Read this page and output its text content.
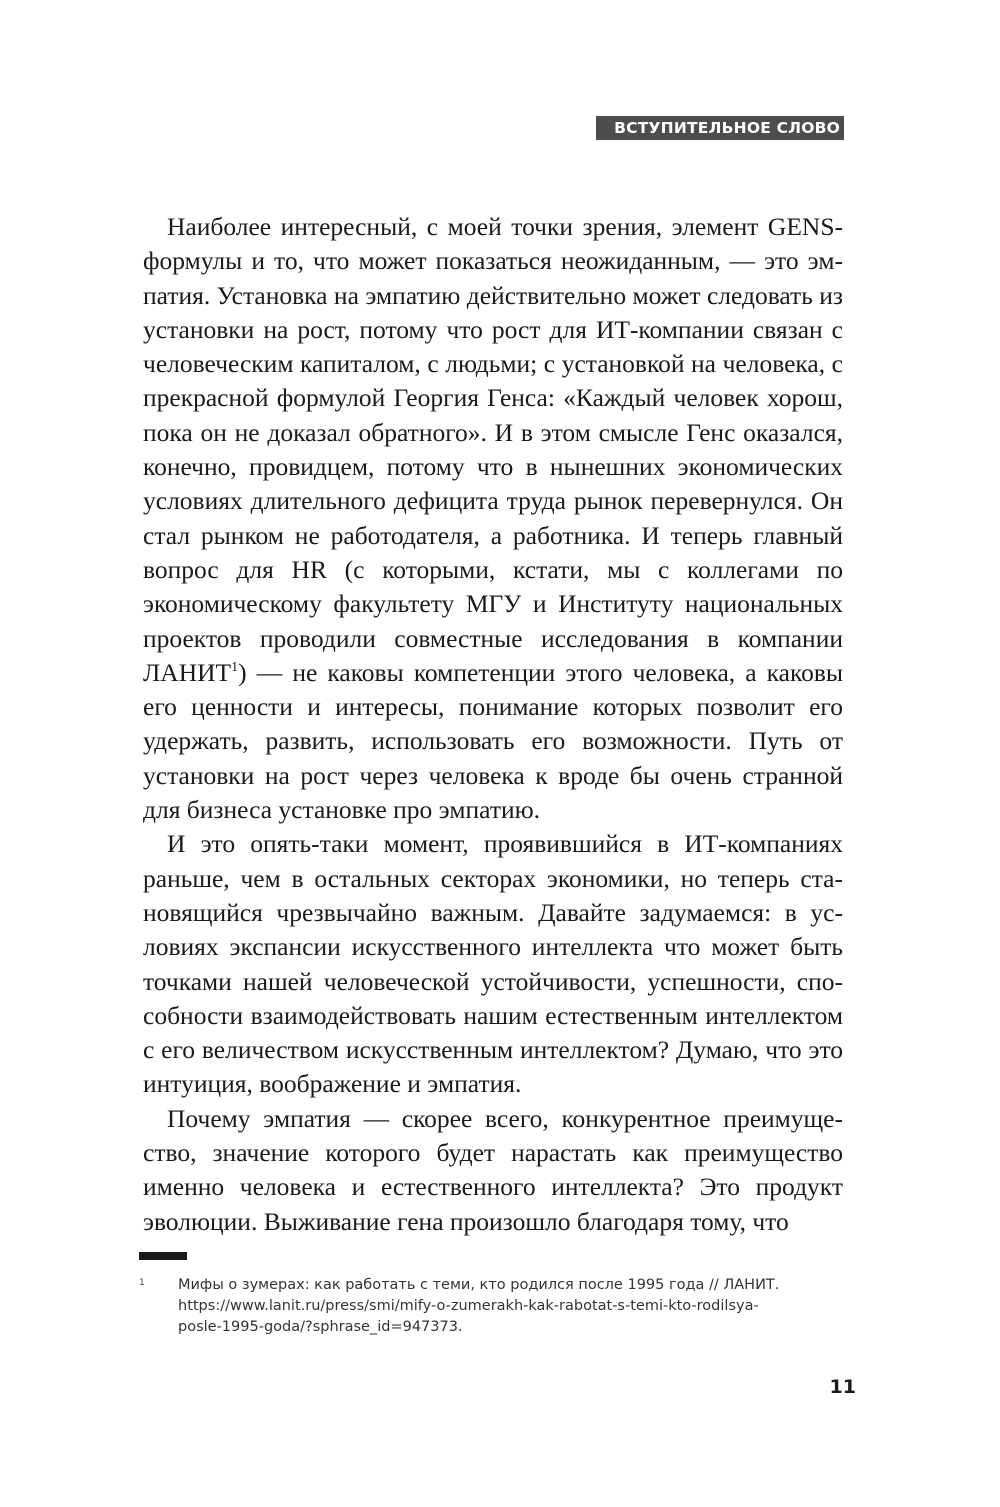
ВСТУПИТЕЛЬНОЕ СЛОВО

Наиболее интересный, с моей точки зрения, элемент GENS-формулы и то, что может показаться неожиданным, — это эмпатия. Установка на эмпатию действительно может следовать из установки на рост, потому что рост для ИТ-компании связан с человеческим капиталом, с людьми; с установкой на человека, с прекрасной формулой Георгия Генса: «Каждый человек хорош, пока он не доказал обратного». И в этом смысле Генс оказался, конечно, провидцем, потому что в нынешних экономических условиях длительного дефицита труда рынок перевернулся. Он стал рынком не работодателя, а работника. И теперь главный вопрос для HR (с которыми, кстати, мы с коллегами по экономическому факультету МГУ и Институту национальных проектов проводили совместные исследования в компании ЛАНИТ$^1$) — не каковы компетенции этого человека, а каковы его ценности и интересы, понимание которых позволит его удержать, развить, использовать его возможности. Путь от установки на рост через человека к вроде бы очень странной для бизнеса установке про эмпатию.

И это опять-таки момент, проявившийся в ИТ-компаниях раньше, чем в остальных секторах экономики, но теперь становящийся чрезвычайно важным. Давайте задумаемся: в условиях экспансии искусственного интеллекта что может быть точками нашей человеческой устойчивости, успешности, способности взаимодействовать нашим естественным интеллектом с его величеством искусственным интеллектом? Думаю, что это интуиция, воображение и эмпатия.

Почему эмпатия — скорее всего, конкурентное преимущество, значение которого будет нарастать как преимущество именно человека и естественного интеллекта? Это продукт эволюции. Выживание гена произошло благодаря тому, что

1 Мифы о зумерах: как работать с теми, кто родился после 1995 года // ЛАНИТ.
https://www.lanit.ru/press/smi/mify-o-zumerakh-kak-rabotat-s-temi-kto-rodilsya-
posle-1995-goda/?sphrase_id=947373.
11
